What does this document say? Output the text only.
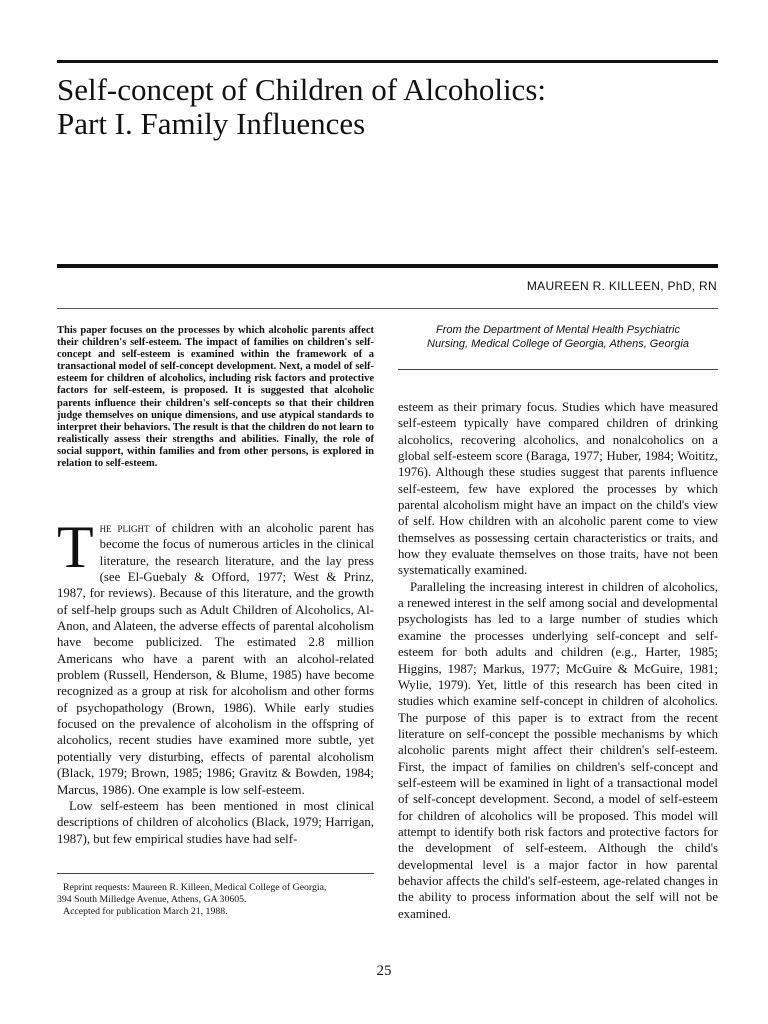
Self-concept of Children of Alcoholics:
Part I. Family Influences
MAUREEN R. KILLEEN, PhD, RN

This paper focuses on the processes by which alcoholic parents affect their children's self-esteem. The impact of families on children's self-concept and self-esteem is examined within the framework of a transactional model of self-concept development. Next, a model of self-esteem for children of alcoholics, including risk factors and protective factors for self-esteem, is proposed. It is suggested that alcoholic parents influence their children's self-concepts so that their children judge themselves on unique dimensions, and use atypical standards to interpret their behaviors. The result is that the children do not learn to realistically assess their strengths and abilities. Finally, the role of social support, within families and from other persons, is explored in relation to self-esteem.

From the Department of Mental Health Psychiatric
Nursing, Medical College of Georgia, Athens, Georgia

The plight of children with an alcoholic parent has become the focus of numerous articles in the clinical literature, the research literature, and the lay press (see El-Guebaly & Offord, 1977; West & Prinz, 1987, for reviews). Because of this literature, and the growth of self-help groups such as Adult Children of Alcoholics, Al-Anon, and Alateen, the adverse effects of parental alcoholism have become publicized. The estimated 2.8 million Americans who have a parent with an alcohol-related problem (Russell, Henderson, & Blume, 1985) have become recognized as a group at risk for alcoholism and other forms of psychopathology (Brown, 1986). While early studies focused on the prevalence of alcoholism in the offspring of alcoholics, recent studies have examined more subtle, yet potentially very disturbing, effects of parental alcoholism (Black, 1979; Brown, 1985; 1986; Gravitz & Bowden, 1984; Marcus, 1986). One example is low self-esteem.

Low self-esteem has been mentioned in most clinical descriptions of children of alcoholics (Black, 1979; Harrigan, 1987), but few empirical studies have had self-

esteem as their primary focus. Studies which have measured self-esteem typically have compared children of drinking alcoholics, recovering alcoholics, and nonalcoholics on a global self-esteem score (Baraga, 1977; Huber, 1984; Woititz, 1976). Although these studies suggest that parents influence self-esteem, few have explored the processes by which parental alcoholism might have an impact on the child's view of self. How children with an alcoholic parent come to view themselves as possessing certain characteristics or traits, and how they evaluate themselves on those traits, have not been systematically examined.

Paralleling the increasing interest in children of alcoholics, a renewed interest in the self among social and developmental psychologists has led to a large number of studies which examine the processes underlying self-concept and self-esteem for both adults and children (e.g., Harter, 1985; Higgins, 1987; Markus, 1977; McGuire & McGuire, 1981; Wylie, 1979). Yet, little of this research has been cited in studies which examine self-concept in children of alcoholics. The purpose of this paper is to extract from the recent literature on self-concept the possible mechanisms by which alcoholic parents might affect their children's self-esteem. First, the impact of families on children's self-concept and self-esteem will be examined in light of a transactional model of self-concept development. Second, a model of self-esteem for children of alcoholics will be proposed. This model will attempt to identify both risk factors and protective factors for the development of self-esteem. Although the child's developmental level is a major factor in how parental behavior affects the child's self-esteem, age-related changes in the ability to process information about the self will not be examined.

Reprint requests: Maureen R. Killeen, Medical College of Georgia,
394 South Milledge Avenue, Athens, GA 30605.
Accepted for publication March 21, 1988.
25
